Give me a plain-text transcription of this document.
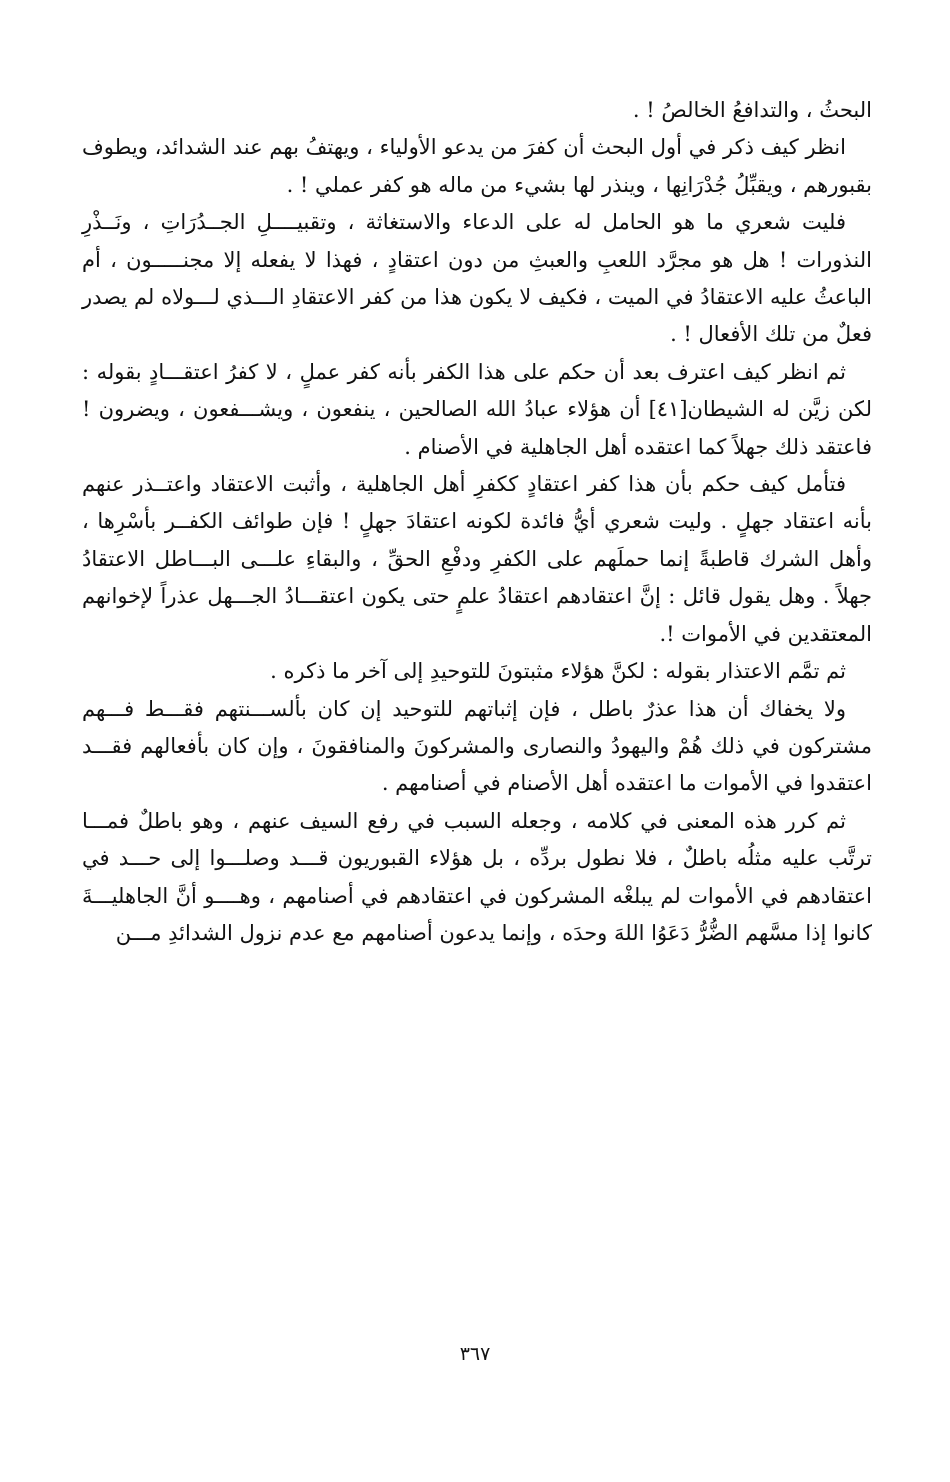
البحثُ ، والتدافعُ الخالصُ ! .

انظر كيف ذكر في أول البحث أن كفرَ من يدعو الأولياء ، ويهتفُ بهم عند الشدائد، ويطوف بقبورهم ، ويقبِّلُ جُدْرَانِها ، وينذر لها بشيء من ماله هو كفر عملي ! .

فليت شعري ما هو الحامل له على الدعاء والاستغاثة ، وتقبيــــلِ الجــدُرَاتِ ، ونَــذْرِ النذورات ! هل هو مجرَّد اللعبِ والعبثِ من دون اعتقادٍ ، فهذا لا يفعله إلا مجنـــــون ، أم الباعثُ عليه الاعتقادُ في الميت ، فكيف لا يكون هذا من كفر الاعتقادِ الـــذي لـــولاه لم يصدر فعلٌ من تلك الأفعال ! .

ثم انظر كيف اعترف بعد أن حكم على هذا الكفر بأنه كفر عملٍ ، لا كفرُ اعتقـــادٍ بقوله : لكن زيَّن له الشيطان[٤١] أن هؤلاء عبادُ الله الصالحين ، ينفعون ، ويشـــفعون ، ويضرون ! فاعتقد ذلك جهلاً كما اعتقده أهل الجاهلية في الأصنام .

فتأمل كيف حكم بأن هذا كفر اعتقادٍ ككفرِ أهل الجاهلية ، وأثبت الاعتقاد واعتــذر عنهم بأنه اعتقاد جهلٍ . وليت شعري أيُّ فائدة لكونه اعتقادَ جهلٍ ! فإن طوائف الكفــر بأسْرِها ، وأهل الشرك قاطبةً إنما حملَهم على الكفرِ ودفْعِ الحقِّ ، والبقاءِ علـــى البـــاطل الاعتقادُ جهلاً . وهل يقول قائل : إنَّ اعتقادهم اعتقادُ علمٍ حتى يكون اعتقـــادُ الجـــهل عذراً لإخوانهم المعتقدين في الأموات !.

ثم تمَّم الاعتذار بقوله : لكنَّ هؤلاء مثبتونَ للتوحيدِ إلى آخر ما ذكره .

ولا يخفاك أن هذا عذرٌ باطل ، فإن إثباتهم للتوحيد إن كان بألســـنتهم فقـــط فـــهم مشتركون في ذلك هُمْ واليهودُ والنصارى والمشركونَ والمنافقونَ ، وإن كان بأفعالهم فقـــد اعتقدوا في الأموات ما اعتقده أهل الأصنام في أصنامهم .

ثم كرر هذه المعنى في كلامه ، وجعله السبب في رفع السيف عنهم ، وهو باطلٌ فمـــا ترتَّب عليه مثلُه باطلٌ ، فلا نطول بردِّه ، بل هؤلاء القبوريون قـــد وصلـــوا إلى حـــد في اعتقادهم في الأموات لم يبلغْه المشركون في اعتقادهم في أصنامهم ، وهــــو أنَّ الجاهليـــةَ كانوا إذا مسَّهم الضُّرُّ دَعَوُا اللهَ وحدَه ، وإنما يدعون أصنامهم مع عدم نزول الشدائدِ مـــن

٣٦٧
